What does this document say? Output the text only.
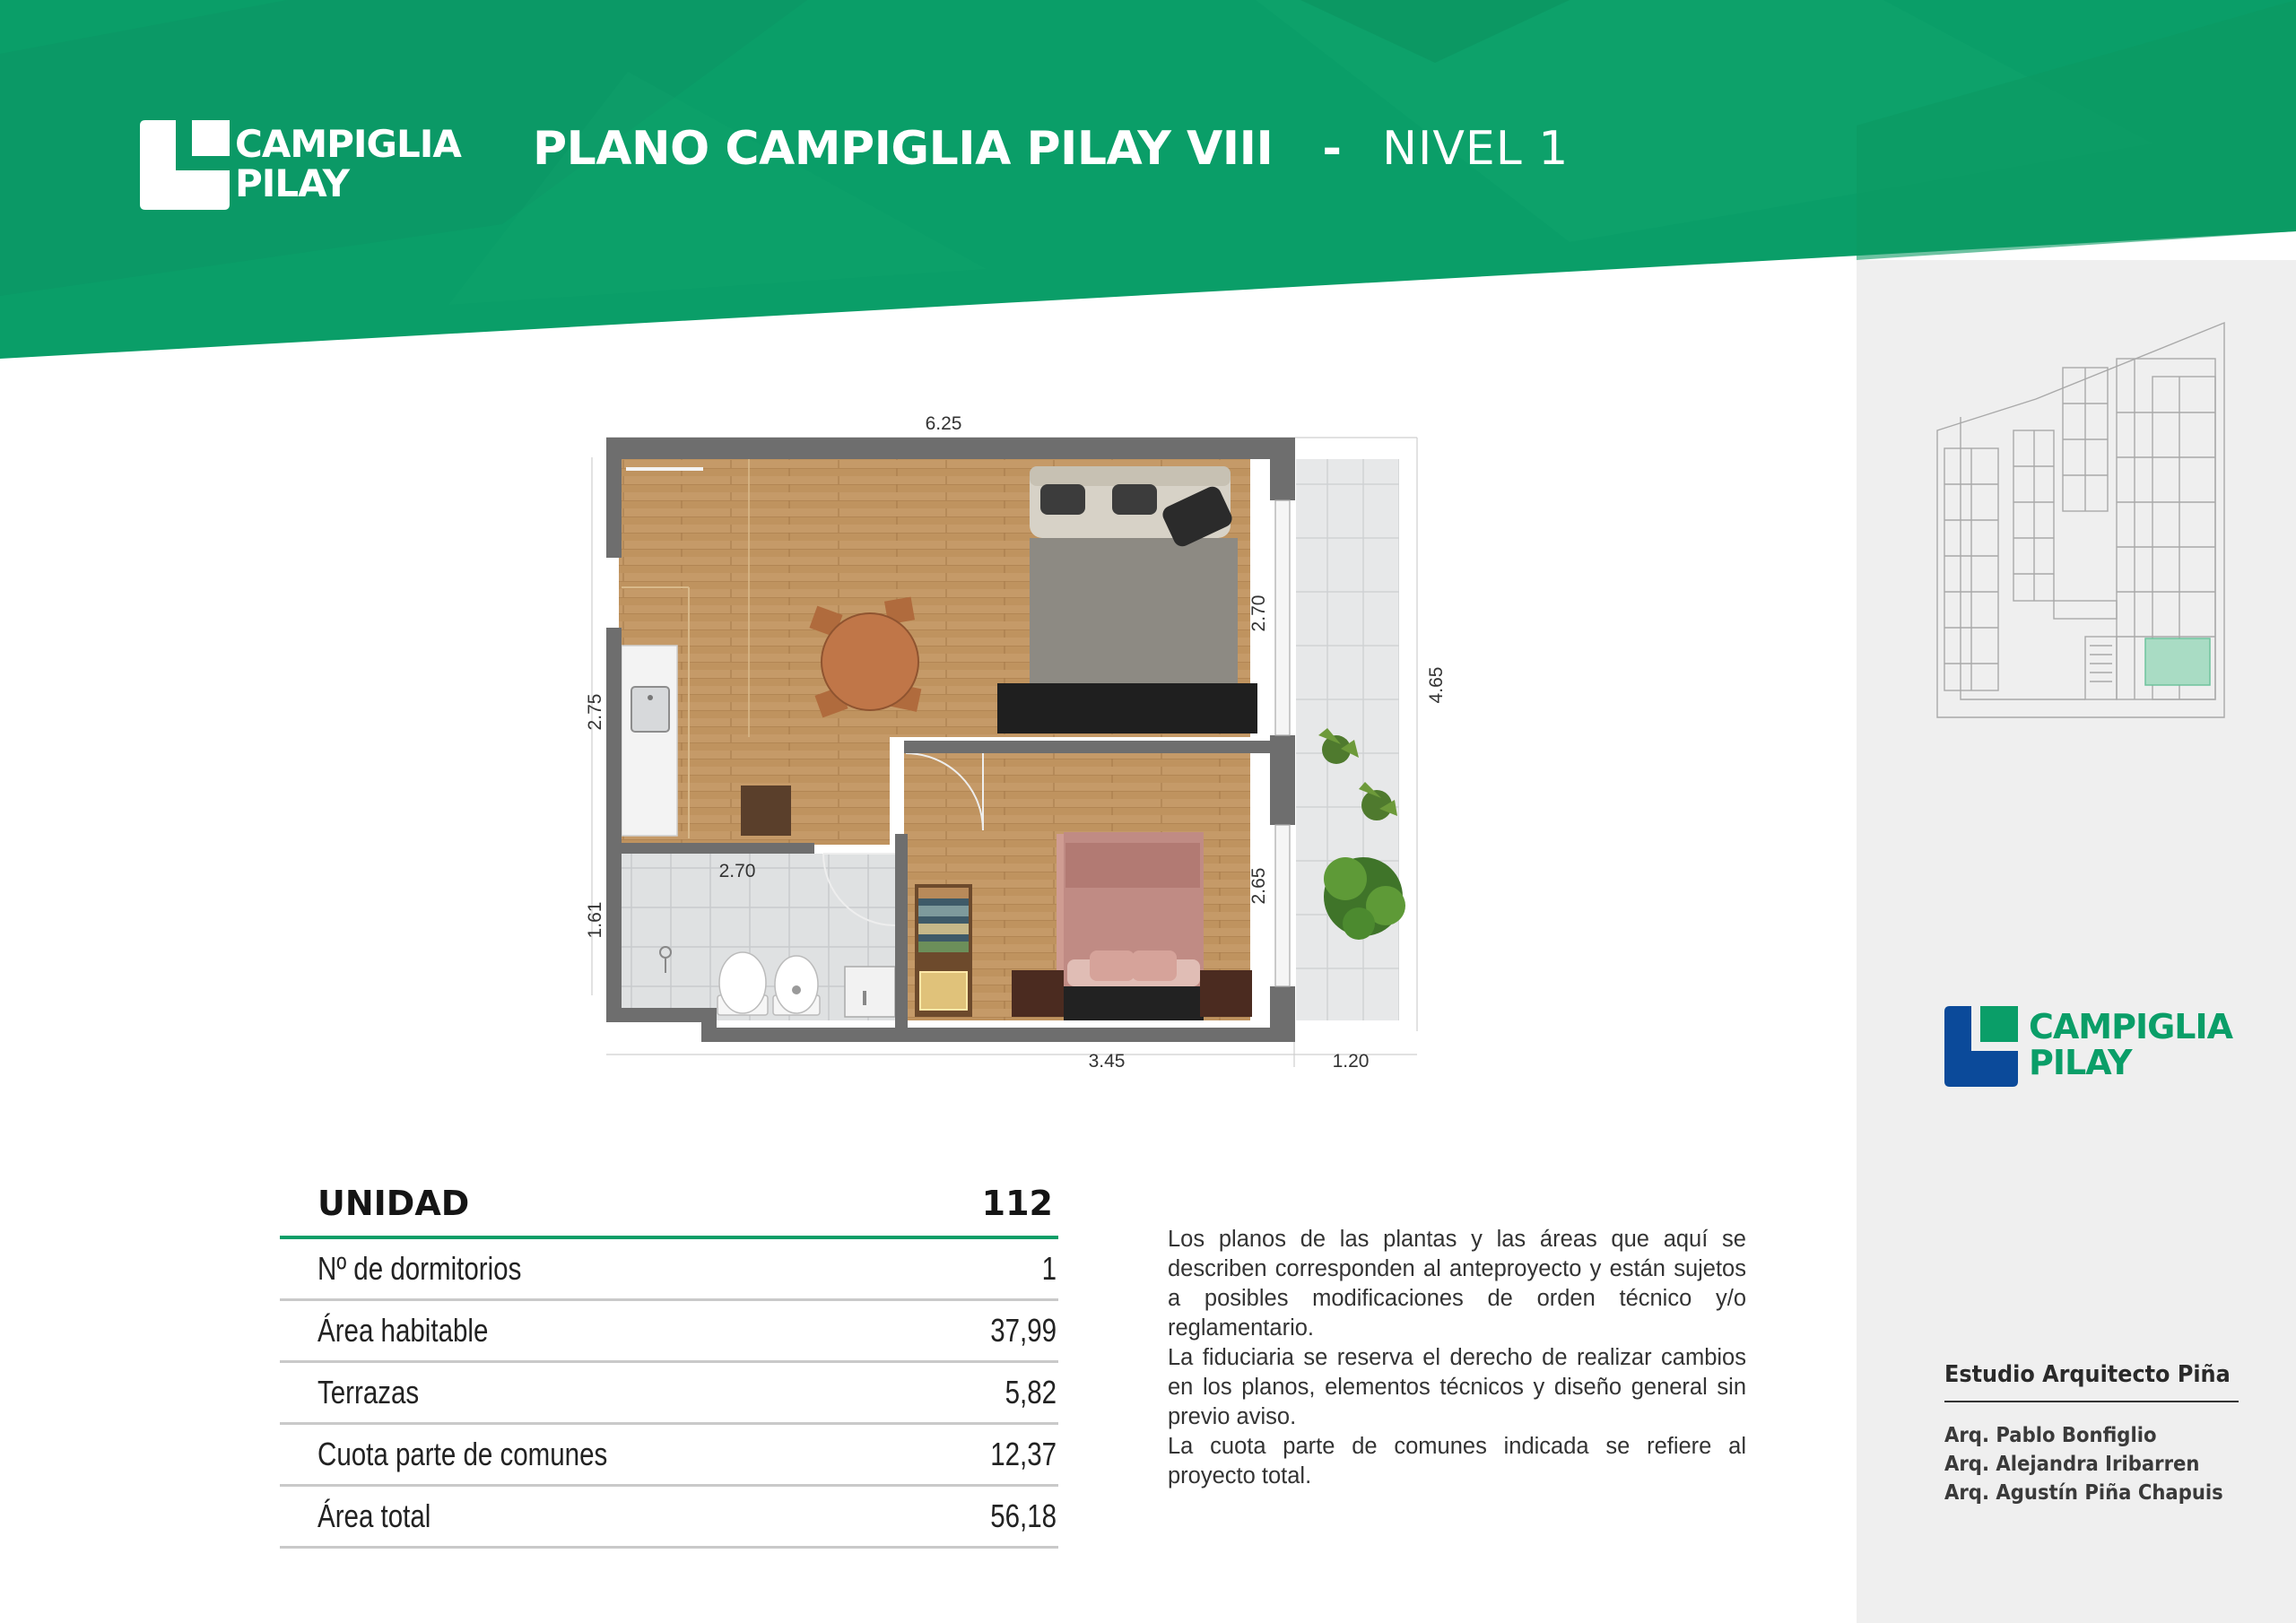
CAMPIGLIA
PILAY
PLANO CAMPIGLIA PILAY VIII - NIVEL 1
6.25
2.70
4.65
2.75
2.70
1.61
2.65
3.45	1.20
UNIDAD	112
Nº de dormitorios	1
Área habitable	37,99
Terrazas	5,82
Cuota parte de comunes	12,37
Área total	56,18

Los planos de las plantas y las áreas que aquí se describen corresponden al anteproyecto y están sujetos a posibles modificaciones de orden técnico y/o reglamentario.

La fiduciaria se reserva el derecho de realizar cambios en los planos, elementos técnicos y diseño general sin previo aviso.

La cuota parte de comunes indicada se refiere al proyecto total.

CAMPIGLIA
PILAY
Estudio Arquitecto Piña
Arq. Pablo Bonfiglio
Arq. Alejandra Iribarren
Arq. Agustín Piña Chapuis
